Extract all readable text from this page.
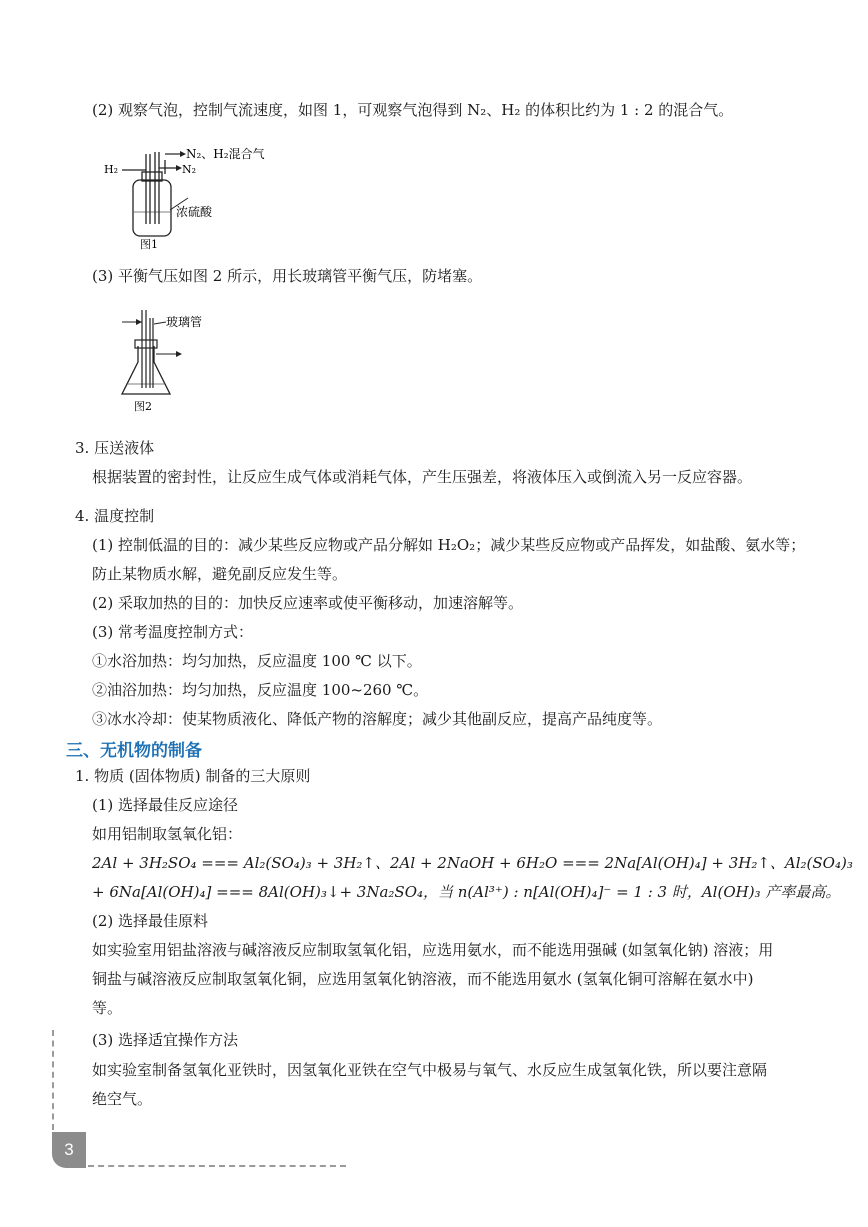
(2) 观察气泡，控制气流速度，如图 1，可观察气泡得到 N₂、H₂ 的体积比约为 1 : 2 的混合气。
H₂
N₂、H₂混合气
N₂
浓硫酸
图1
(3) 平衡气压如图 2 所示，用长玻璃管平衡气压，防堵塞。
玻璃管
图2
3. 压送液体
根据装置的密封性，让反应生成气体或消耗气体，产生压强差，将液体压入或倒流入另一反应容器。
4. 温度控制
(1) 控制低温的目的：减少某些反应物或产品分解如 H₂O₂；减少某些反应物或产品挥发，如盐酸、氨水等；
防止某物质水解，避免副反应发生等。
(2) 采取加热的目的：加快反应速率或使平衡移动，加速溶解等。
(3) 常考温度控制方式：
①水浴加热：均匀加热，反应温度 100 ℃ 以下。
②油浴加热：均匀加热，反应温度 100~260 ℃。
③冰水冷却：使某物质液化、降低产物的溶解度；减少其他副反应，提高产品纯度等。
三、无机物的制备
1. 物质 (固体物质) 制备的三大原则
(1) 选择最佳反应途径
如用铝制取氢氧化铝：
2Al + 3H₂SO₄ === Al₂(SO₄)₃ + 3H₂↑、2Al + 2NaOH + 6H₂O === 2Na[Al(OH)₄] + 3H₂↑、Al₂(SO₄)₃
+ 6Na[Al(OH)₄] === 8Al(OH)₃↓+ 3Na₂SO₄，当 n(Al³⁺) : n[Al(OH)₄]⁻ = 1 : 3 时，Al(OH)₃ 产率最高。
(2) 选择最佳原料
如实验室用铝盐溶液与碱溶液反应制取氢氧化铝，应选用氨水，而不能选用强碱 (如氢氧化钠) 溶液；用
铜盐与碱溶液反应制取氢氧化铜，应选用氢氧化钠溶液，而不能选用氨水 (氢氧化铜可溶解在氨水中)
等。
(3) 选择适宜操作方法
如实验室制备氢氧化亚铁时，因氢氧化亚铁在空气中极易与氧气、水反应生成氢氧化铁，所以要注意隔
绝空气。
3
